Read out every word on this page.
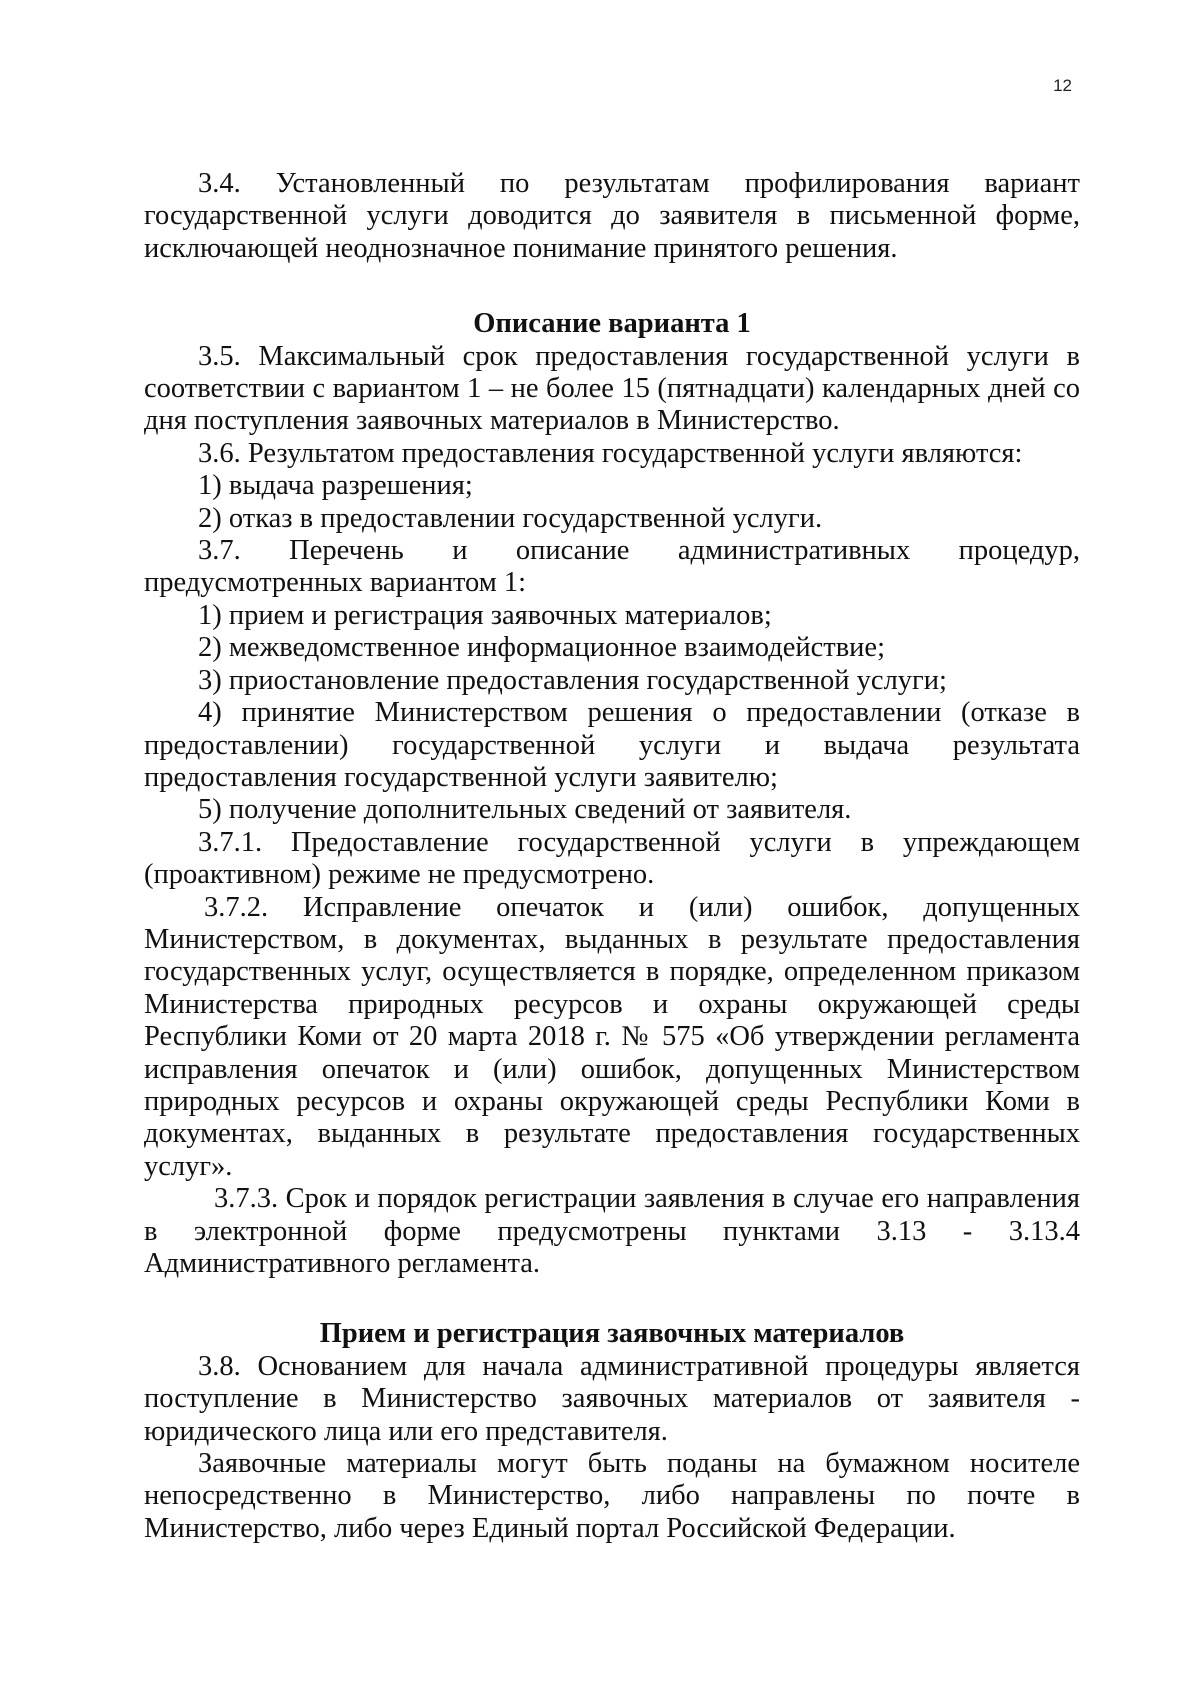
12

3.4. Установленный по результатам профилирования вариант государственной услуги доводится до заявителя в письменной форме, исключающей неоднозначное понимание принятого решения.

Описание варианта 1

3.5. Максимальный срок предоставления государственной услуги в соответствии с вариантом 1 – не более 15 (пятнадцати) календарных дней со дня поступления заявочных материалов в Министерство.

3.6. Результатом предоставления государственной услуги являются:

1) выдача разрешения;

2) отказ в предоставлении государственной услуги.

3.7. Перечень и описание административных процедур, предусмотренных вариантом 1:

1) прием и регистрация заявочных материалов;

2) межведомственное информационное взаимодействие;

3) приостановление предоставления государственной услуги;

4) принятие Министерством решения о предоставлении (отказе в предоставлении) государственной услуги и выдача результата предоставления государственной услуги заявителю;

5) получение дополнительных сведений от заявителя.

3.7.1. Предоставление государственной услуги в упреждающем (проактивном) режиме не предусмотрено.

3.7.2. Исправление опечаток и (или) ошибок, допущенных Министерством, в документах, выданных в результате предоставления государственных услуг, осуществляется в порядке, определенном приказом Министерства природных ресурсов и охраны окружающей среды Республики Коми от 20 марта 2018 г. № 575 «Об утверждении регламента исправления опечаток и (или) ошибок, допущенных Министерством природных ресурсов и охраны окружающей среды Республики Коми в документах, выданных в результате предоставления государственных услуг».

3.7.3. Срок и порядок регистрации заявления в случае его направления в электронной форме предусмотрены пунктами 3.13 - 3.13.4 Административного регламента.

Прием и регистрация заявочных материалов

3.8. Основанием для начала административной процедуры является поступление в Министерство заявочных материалов от заявителя - юридического лица или его представителя.

Заявочные материалы могут быть поданы на бумажном носителе непосредственно в Министерство, либо направлены по почте в Министерство, либо через Единый портал Российской Федерации.
